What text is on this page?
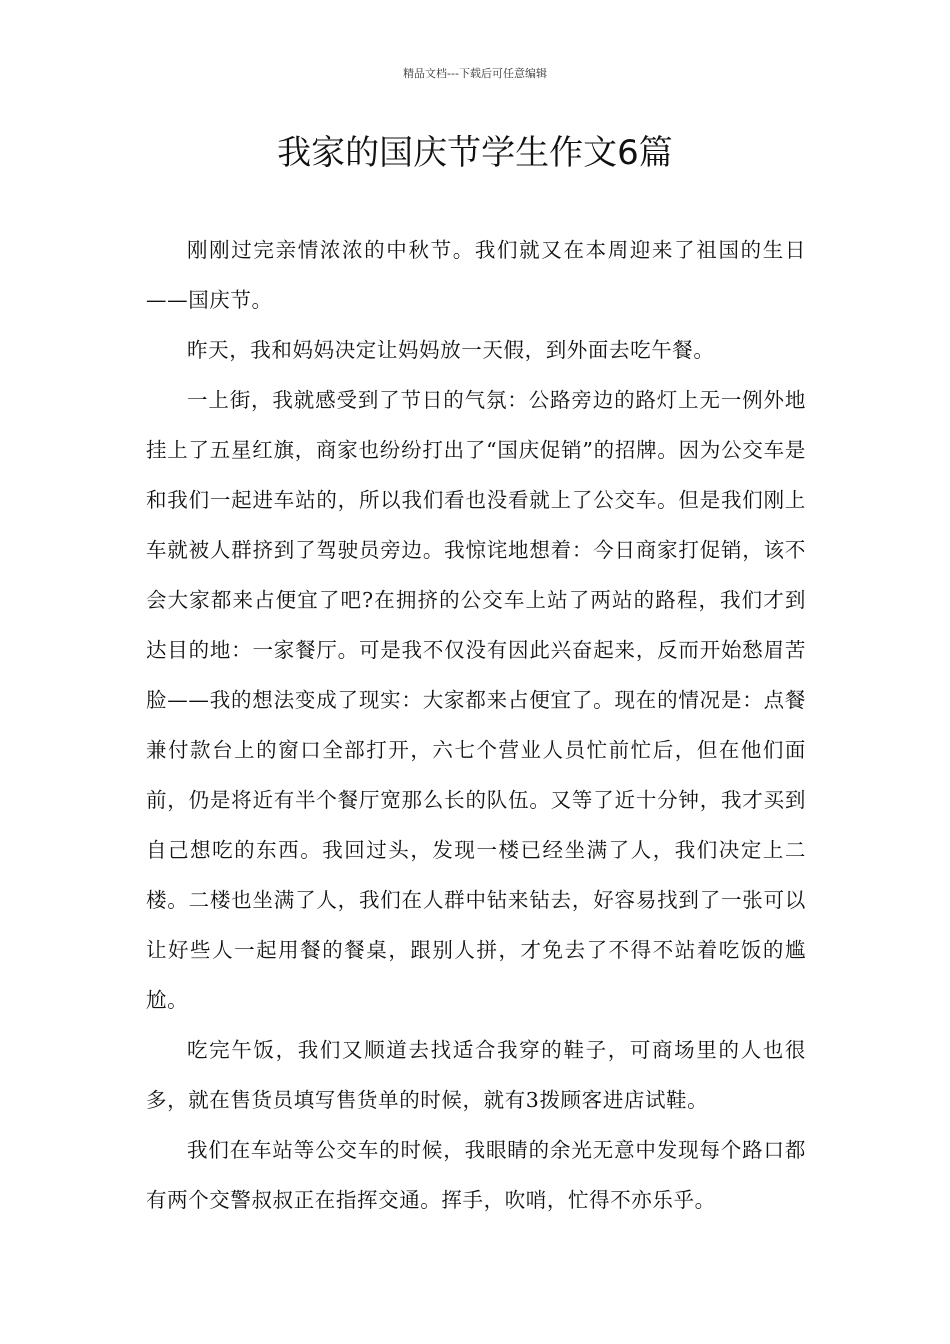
精品文档---下载后可任意编辑
我家的国庆节学生作文6篇

刚刚过完亲情浓浓的中秋节。我们就又在本周迎来了祖国的生日——国庆节。

昨天，我和妈妈决定让妈妈放一天假，到外面去吃午餐。

一上街，我就感受到了节日的气氛：公路旁边的路灯上无一例外地挂上了五星红旗，商家也纷纷打出了“国庆促销”的招牌。因为公交车是和我们一起进车站的，所以我们看也没看就上了公交车。但是我们刚上车就被人群挤到了驾驶员旁边。我惊诧地想着：今日商家打促销，该不会大家都来占便宜了吧?在拥挤的公交车上站了两站的路程，我们才到达目的地：一家餐厅。可是我不仅没有因此兴奋起来，反而开始愁眉苦脸——我的想法变成了现实：大家都来占便宜了。现在的情况是：点餐兼付款台上的窗口全部打开，六七个营业人员忙前忙后，但在他们面前，仍是将近有半个餐厅宽那么长的队伍。又等了近十分钟，我才买到自己想吃的东西。我回过头，发现一楼已经坐满了人，我们决定上二楼。二楼也坐满了人，我们在人群中钻来钻去，好容易找到了一张可以让好些人一起用餐的餐桌，跟别人拼，才免去了不得不站着吃饭的尴尬。

吃完午饭，我们又顺道去找适合我穿的鞋子，可商场里的人也很多，就在售货员填写售货单的时候，就有3拨顾客进店试鞋。

我们在车站等公交车的时候，我眼睛的余光无意中发现每个路口都有两个交警叔叔正在指挥交通。挥手，吹哨，忙得不亦乐乎。
